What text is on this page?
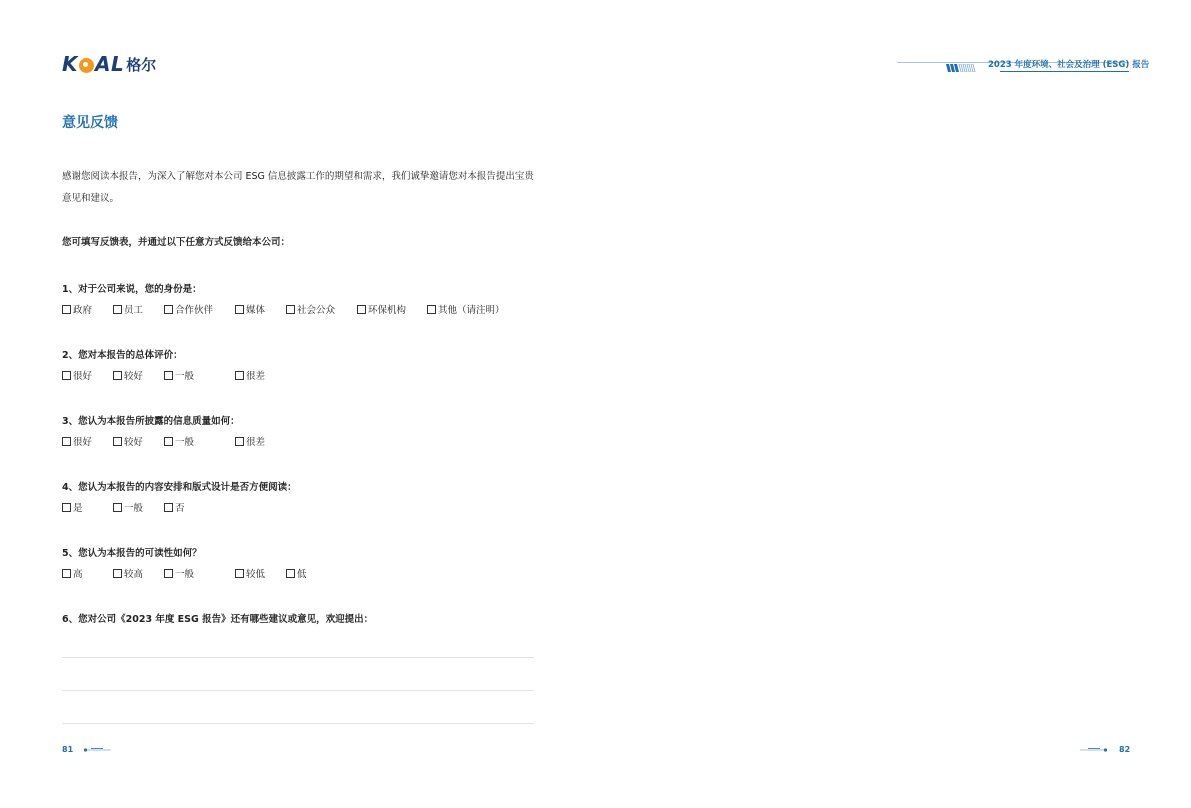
K AL 格尔	2023 年度环境、社会及治理 (ESG) 报告
意见反馈
感谢您阅读本报告，为深入了解您对本公司 ESG 信息披露工作的期望和需求，我们诚挚邀请您对本报告提出宝贵意见和建议。
您可填写反馈表，并通过以下任意方式反馈给本公司：
1、对于公司来说，您的身份是：
政府	员工	合作伙伴	媒体	社会公众	环保机构	其他（请注明）
2、您对本报告的总体评价：
很好	较好	一般	很差
3、您认为本报告所披露的信息质量如何：
很好	较好	一般	很差
4、您认为本报告的内容安排和版式设计是否方便阅读：
是	一般	否
5、您认为本报告的可读性如何？
高	较高	一般	较低	低
6、您对公司《2023 年度 ESG 报告》还有哪些建议或意见，欢迎提出：
81	82
